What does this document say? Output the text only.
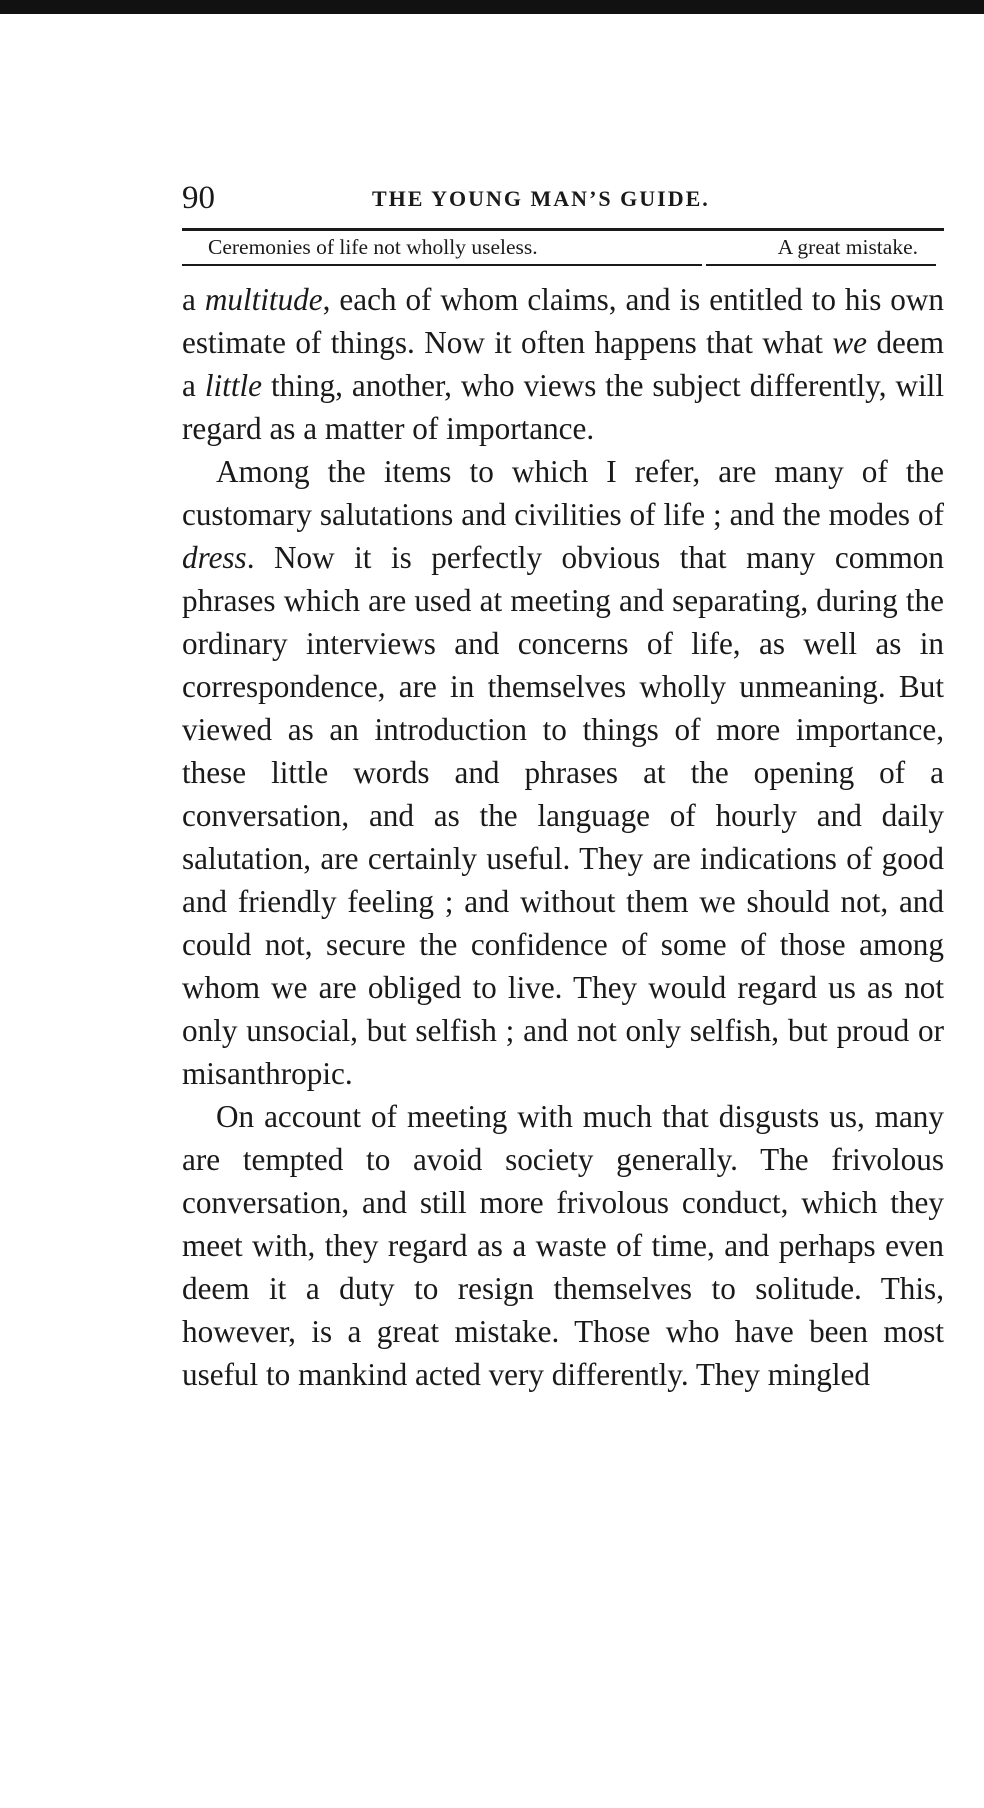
90	THE YOUNG MAN’S GUIDE.
Ceremonies of life not wholly useless.	A great mistake.

a multitude, each of whom claims, and is entitled to his own estimate of things. Now it often happens that what we deem a little thing, another, who views the subject differently, will regard as a matter of importance.

Among the items to which I refer, are many of the customary salutations and civilities of life ; and the modes of dress. Now it is perfectly obvious that many common phrases which are used at meeting and separating, during the ordinary interviews and concerns of life, as well as in correspondence, are in themselves wholly unmeaning. But viewed as an introduction to things of more importance, these little words and phrases at the opening of a conversation, and as the language of hourly and daily salutation, are certainly useful. They are indications of good and friendly feeling ; and without them we should not, and could not, secure the confidence of some of those among whom we are obliged to live. They would regard us as not only unsocial, but selfish ; and not only selfish, but proud or misanthropic.

On account of meeting with much that disgusts us, many are tempted to avoid society generally. The frivolous conversation, and still more frivolous conduct, which they meet with, they regard as a waste of time, and perhaps even deem it a duty to resign themselves to solitude. This, however, is a great mistake. Those who have been most useful to mankind acted very differently. They mingled
